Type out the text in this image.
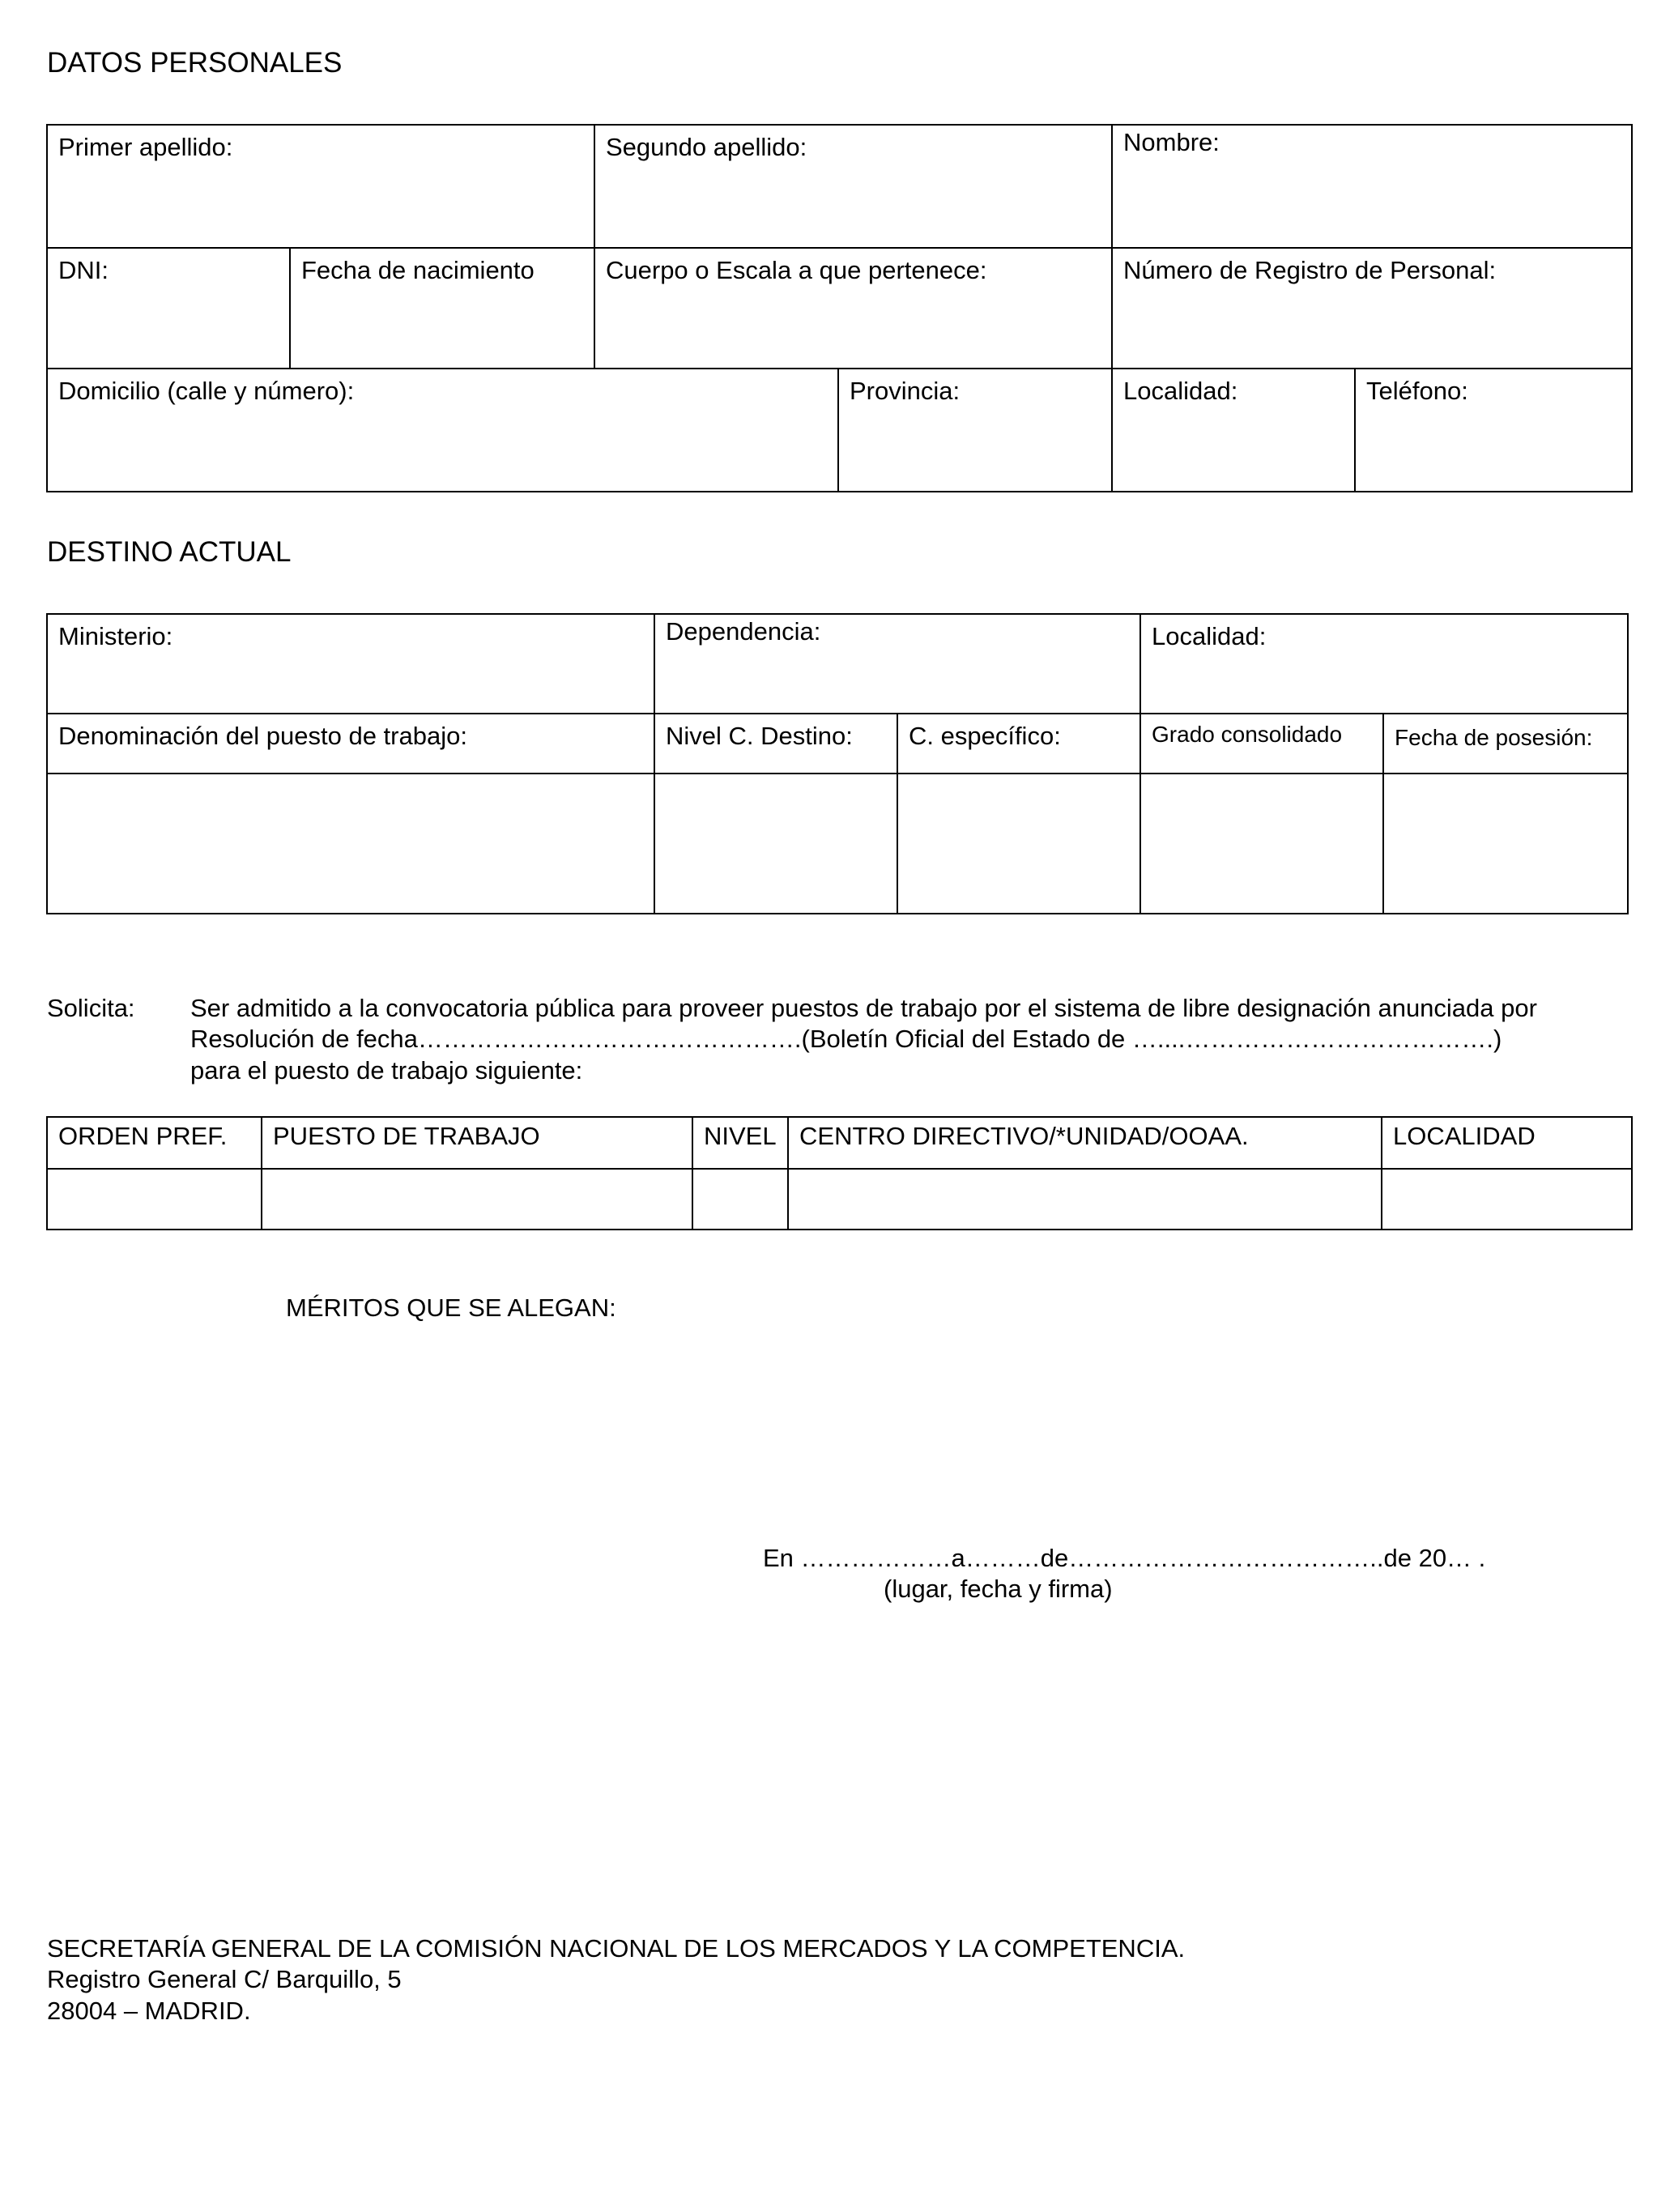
DATOS PERSONALES
Primer apellido:		Segundo apellido:		Nombre:	

DNI:	Fecha de nacimiento	Cuerpo o Escala a que pertenece:		Número de Registro de Personal:	

Domicilio (calle y número):			Provincia:	Localidad:	Teléfono:
DESTINO ACTUAL
Ministerio:	Dependencia:		Localidad:	

Denominación del puesto de trabajo:	Nivel C. Destino:	C. específico:	Grado consolidado	Fecha de posesión:

Solicita: Ser admitido a la convocatoria pública para proveer puestos de trabajo por el sistema de libre designación anunciada por
Resolución de fecha……………………………………….(Boletín Oficial del Estado de …....……………………………….)
para el puesto de trabajo siguiente:
ORDEN PREF.	PUESTO DE TRABAJO	NIVEL	CENTRO DIRECTIVO/*UNIDAD/OOAA.	LOCALIDAD

MÉRITOS QUE SE ALEGAN:
En ………………a………de………………………………..de 20… .
(lugar, fecha y firma)
SECRETARÍA GENERAL DE LA COMISIÓN NACIONAL DE LOS MERCADOS Y LA COMPETENCIA.
Registro General C/ Barquillo, 5
28004 – MADRID.
